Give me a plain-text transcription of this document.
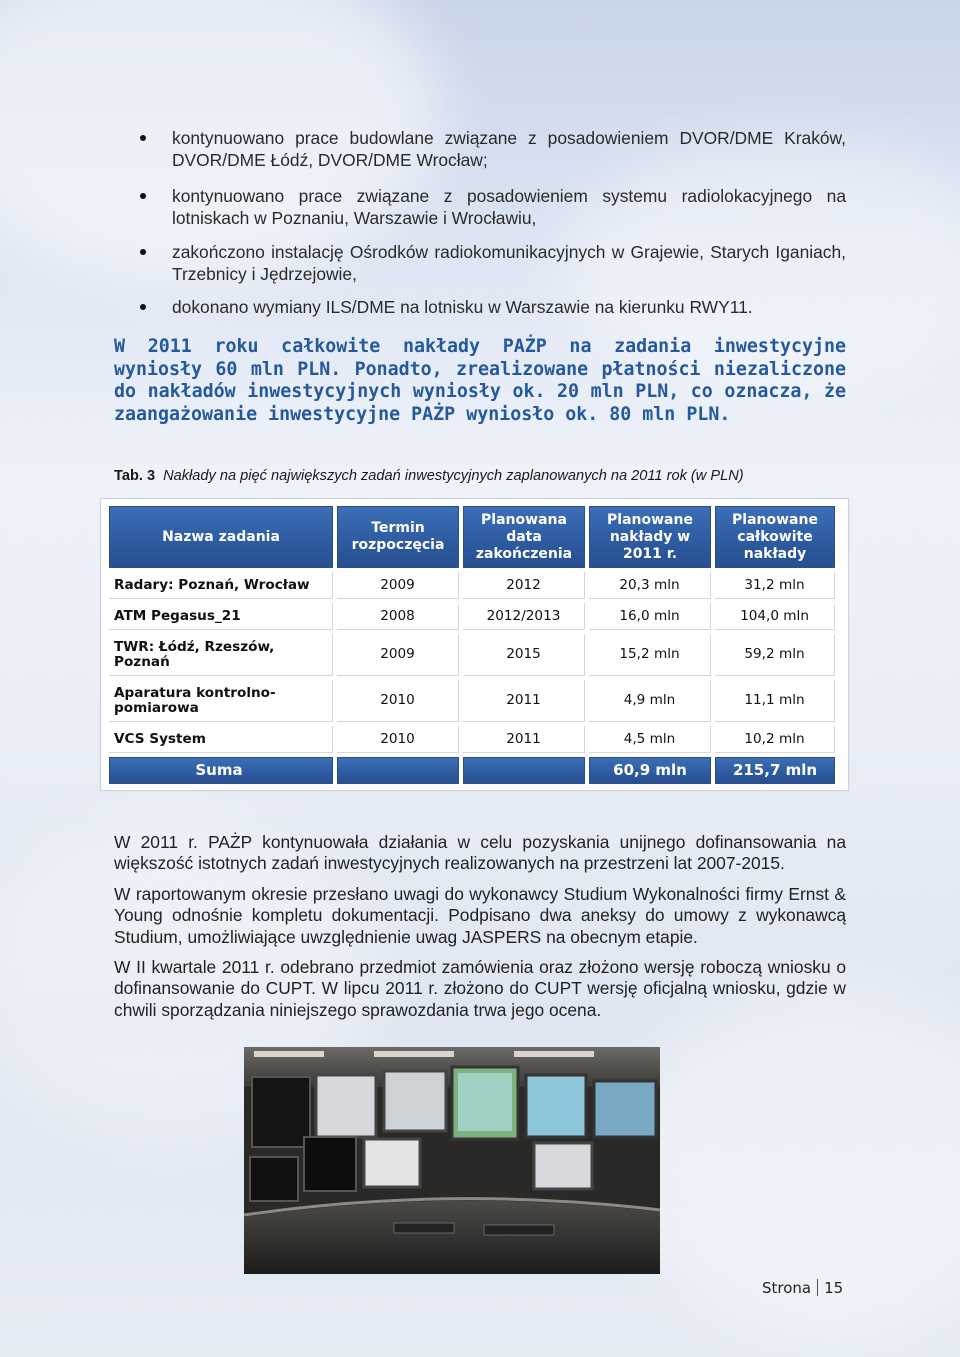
kontynuowano prace budowlane związane z posadowieniem DVOR/DME Kraków, DVOR/DME Łódź, DVOR/DME Wrocław;
kontynuowano prace związane z posadowieniem systemu radiolokacyjnego na lotniskach w Poznaniu, Warszawie i Wrocławiu,
zakończono instalację Ośrodków radiokomunikacyjnych w Grajewie, Starych Iganiach, Trzebnicy i Jędrzejowie,
dokonano wymiany ILS/DME na lotnisku w Warszawie na kierunku RWY11.

W 2011 roku całkowite nakłady PAŻP na zadania inwestycyjne wyniosły 60 mln PLN. Ponadto, zrealizowane płatności niezaliczone do nakładów inwestycyjnych wyniosły ok. 20 mln PLN, co oznacza, że zaangażowanie inwestycyjne PAŻP wyniosło ok. 80 mln PLN.

Tab. 3 Nakłady na pięć największych zadań inwestycyjnych zaplanowanych na 2011 rok (w PLN)
Nazwa zadania	Termin rozpoczęcia	Planowana data zakończenia	Planowane nakłady w 2011 r.	Planowane całkowite nakłady
Radary: Poznań, Wrocław	2009	2012	20,3 mln	31,2 mln
ATM Pegasus_21	2008	2012/2013	16,0 mln	104,0 mln
TWR: Łódź, Rzeszów, Poznań	2009	2015	15,2 mln	59,2 mln
Aparatura kontrolno-pomiarowa	2010	2011	4,9 mln	11,1 mln
VCS System	2010	2011	4,5 mln	10,2 mln
Suma			60,9 mln	215,7 mln

W 2011 r. PAŻP kontynuowała działania w celu pozyskania unijnego dofinansowania na większość istotnych zadań inwestycyjnych realizowanych na przestrzeni lat 2007-2015.

W raportowanym okresie przesłano uwagi do wykonawcy Studium Wykonalności firmy Ernst & Young odnośnie kompletu dokumentacji. Podpisano dwa aneksy do umowy z wykonawcą Studium, umożliwiające uwzględnienie uwag JASPERS na obecnym etapie.

W II kwartale 2011 r. odebrano przedmiot zamówienia oraz złożono wersję roboczą wniosku o dofinansowanie do CUPT. W lipcu 2011 r. złożono do CUPT wersję oficjalną wniosku, gdzie w chwili sporządzania niniejszego sprawozdania trwa jego ocena.

Strona 15
